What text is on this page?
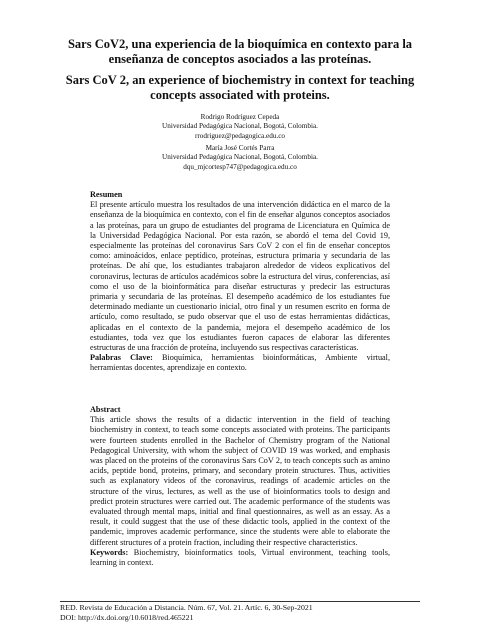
Sars CoV2, una experiencia de la bioquímica en contexto para la enseñanza de conceptos asociados a las proteínas.
Sars CoV 2, an experience of biochemistry in context for teaching concepts associated with proteins.
Rodrigo Rodríguez Cepeda
Universidad Pedagógica Nacional, Bogotá, Colombia.
rrodriguez@pedagogica.edu.co
María José Cortés Parra
Universidad Pedagógica Nacional, Bogotá, Colombia.
dqu_mjcortesp747@pedagogica.edu.co
Resumen

El presente artículo muestra los resultados de una intervención didáctica en el marco de la enseñanza de la bioquímica en contexto, con el fin de enseñar algunos conceptos asociados a las proteínas, para un grupo de estudiantes del programa de Licenciatura en Química de la Universidad Pedagógica Nacional. Por esta razón, se abordó el tema del Covid 19, especialmente las proteínas del coronavirus Sars CoV 2 con el fin de enseñar conceptos como: aminoácidos, enlace peptídico, proteínas, estructura primaria y secundaria de las proteínas. De ahí que, los estudiantes trabajaron alrededor de videos explicativos del coronavirus, lecturas de artículos académicos sobre la estructura del virus, conferencias, así como el uso de la bioinformática para diseñar estructuras y predecir las estructuras primaria y secundaria de las proteínas. El desempeño académico de los estudiantes fue determinado mediante un cuestionario inicial, otro final y un resumen escrito en forma de artículo, como resultado, se pudo observar que el uso de estas herramientas didácticas, aplicadas en el contexto de la pandemia, mejora el desempeño académico de los estudiantes, toda vez que los estudiantes fueron capaces de elaborar las diferentes estructuras de una fracción de proteína, incluyendo sus respectivas características.

Palabras Clave: Bioquímica, herramientas bioinformáticas, Ambiente virtual, herramientas docentes, aprendizaje en contexto.

Abstract

This article shows the results of a didactic intervention in the field of teaching biochemistry in context, to teach some concepts associated with proteins. The participants were fourteen students enrolled in the Bachelor of Chemistry program of the National Pedagogical University, with whom the subject of COVID 19 was worked, and emphasis was placed on the proteins of the coronavirus Sars CoV 2, to teach concepts such as amino acids, peptide bond, proteins, primary, and secondary protein structures. Thus, activities such as explanatory videos of the coronavirus, readings of academic articles on the structure of the virus, lectures, as well as the use of bioinformatics tools to design and predict protein structures were carried out. The academic performance of the students was evaluated through mental maps, initial and final questionnaires, as well as an essay. As a result, it could suggest that the use of these didactic tools, applied in the context of the pandemic, improves academic performance, since the students were able to elaborate the different structures of a protein fraction, including their respective characteristics.

Keywords: Biochemistry, bioinformatics tools, Virtual environment, teaching tools, learning in context.

RED. Revista de Educación a Distancia. Núm. 67, Vol. 21. Artíc. 6, 30-Sep-2021
DOI: http://dx.doi.org/10.6018/red.465221
